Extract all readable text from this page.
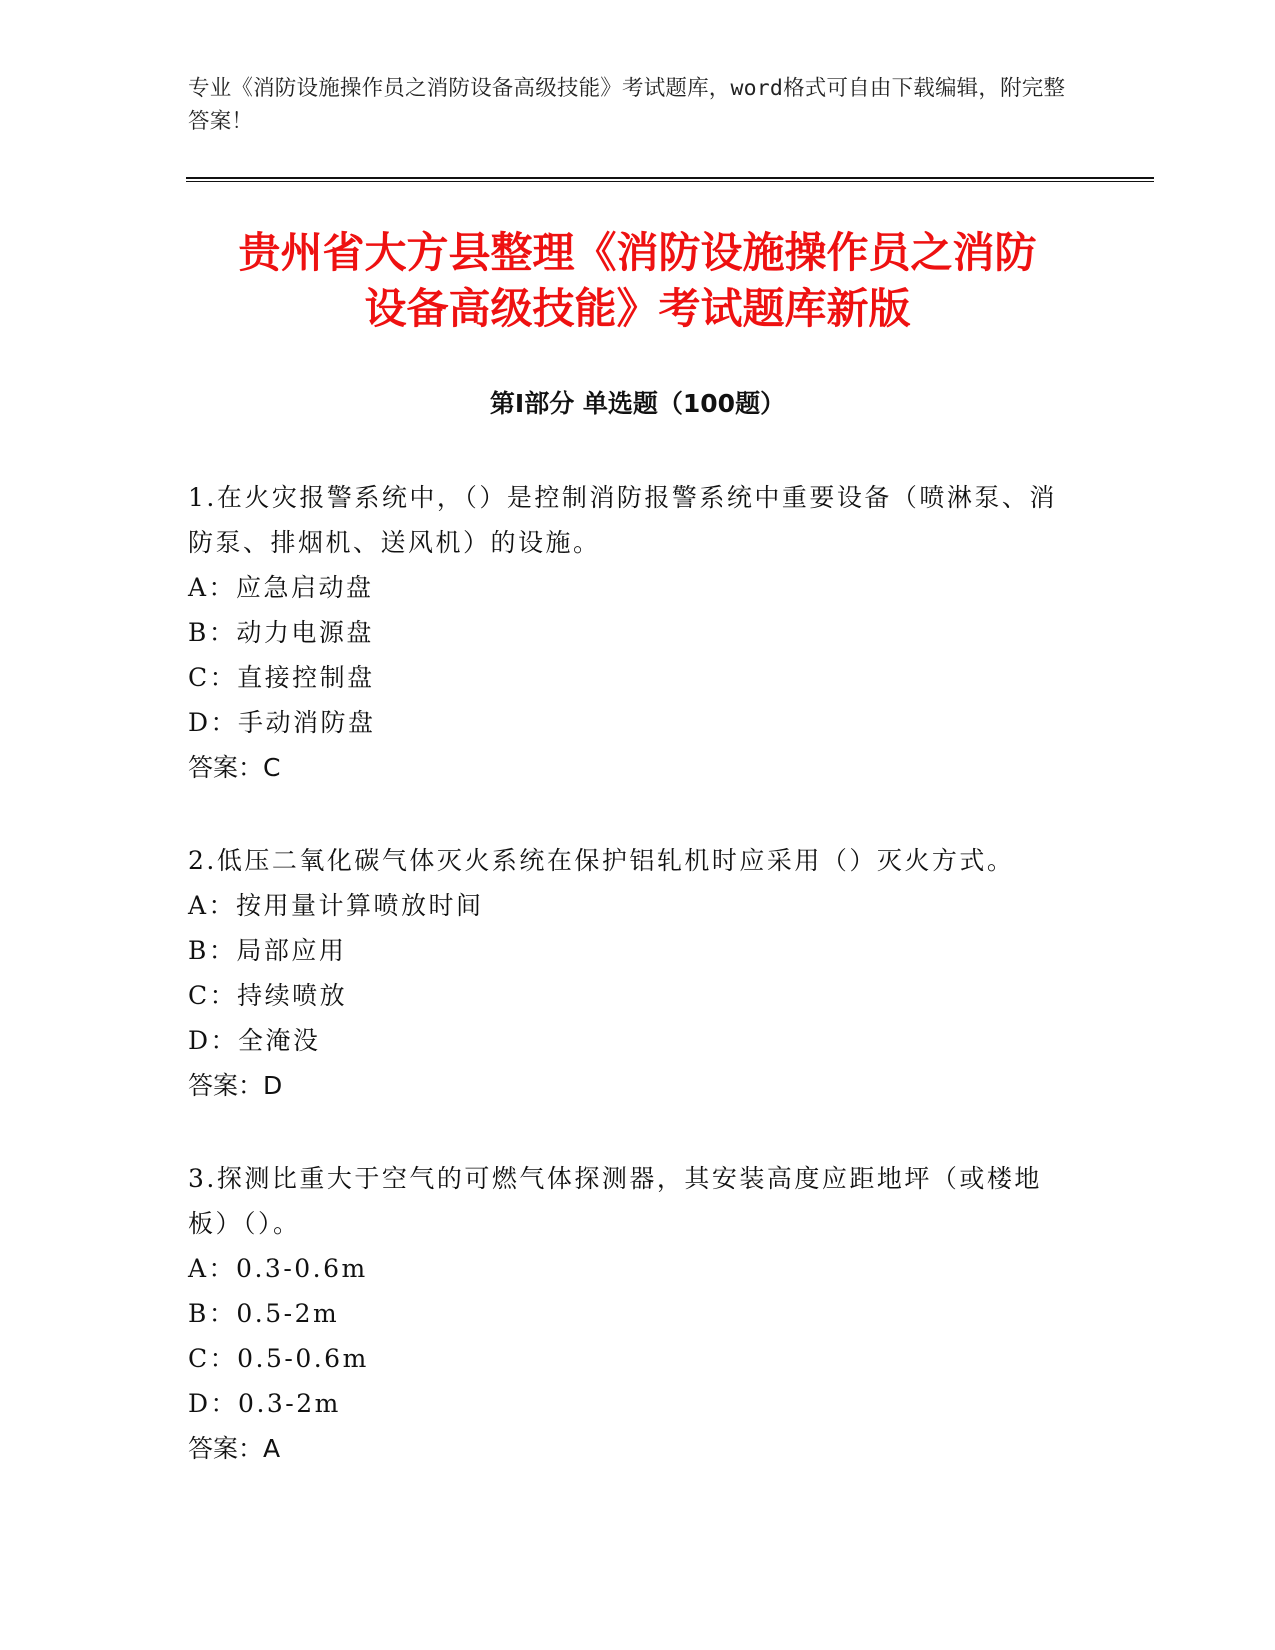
专业《消防设施操作员之消防设备高级技能》考试题库，word格式可自由下载编辑，附完整答案！
贵州省大方县整理《消防设施操作员之消防
设备高级技能》考试题库新版
第I部分 单选题（100题）
1.在火灾报警系统中，（）是控制消防报警系统中重要设备（喷淋泵、消防泵、排烟机、送风机）的设施。
A：应急启动盘
B：动力电源盘
C：直接控制盘
D：手动消防盘
答案：C
2.低压二氧化碳气体灭火系统在保护铝轧机时应采用（）灭火方式。
A：按用量计算喷放时间
B：局部应用
C：持续喷放
D：全淹没
答案：D
3.探测比重大于空气的可燃气体探测器，其安装高度应距地坪（或楼地板）（）。
A：0.3-0.6m
B：0.5-2m
C：0.5-0.6m
D：0.3-2m
答案：A
